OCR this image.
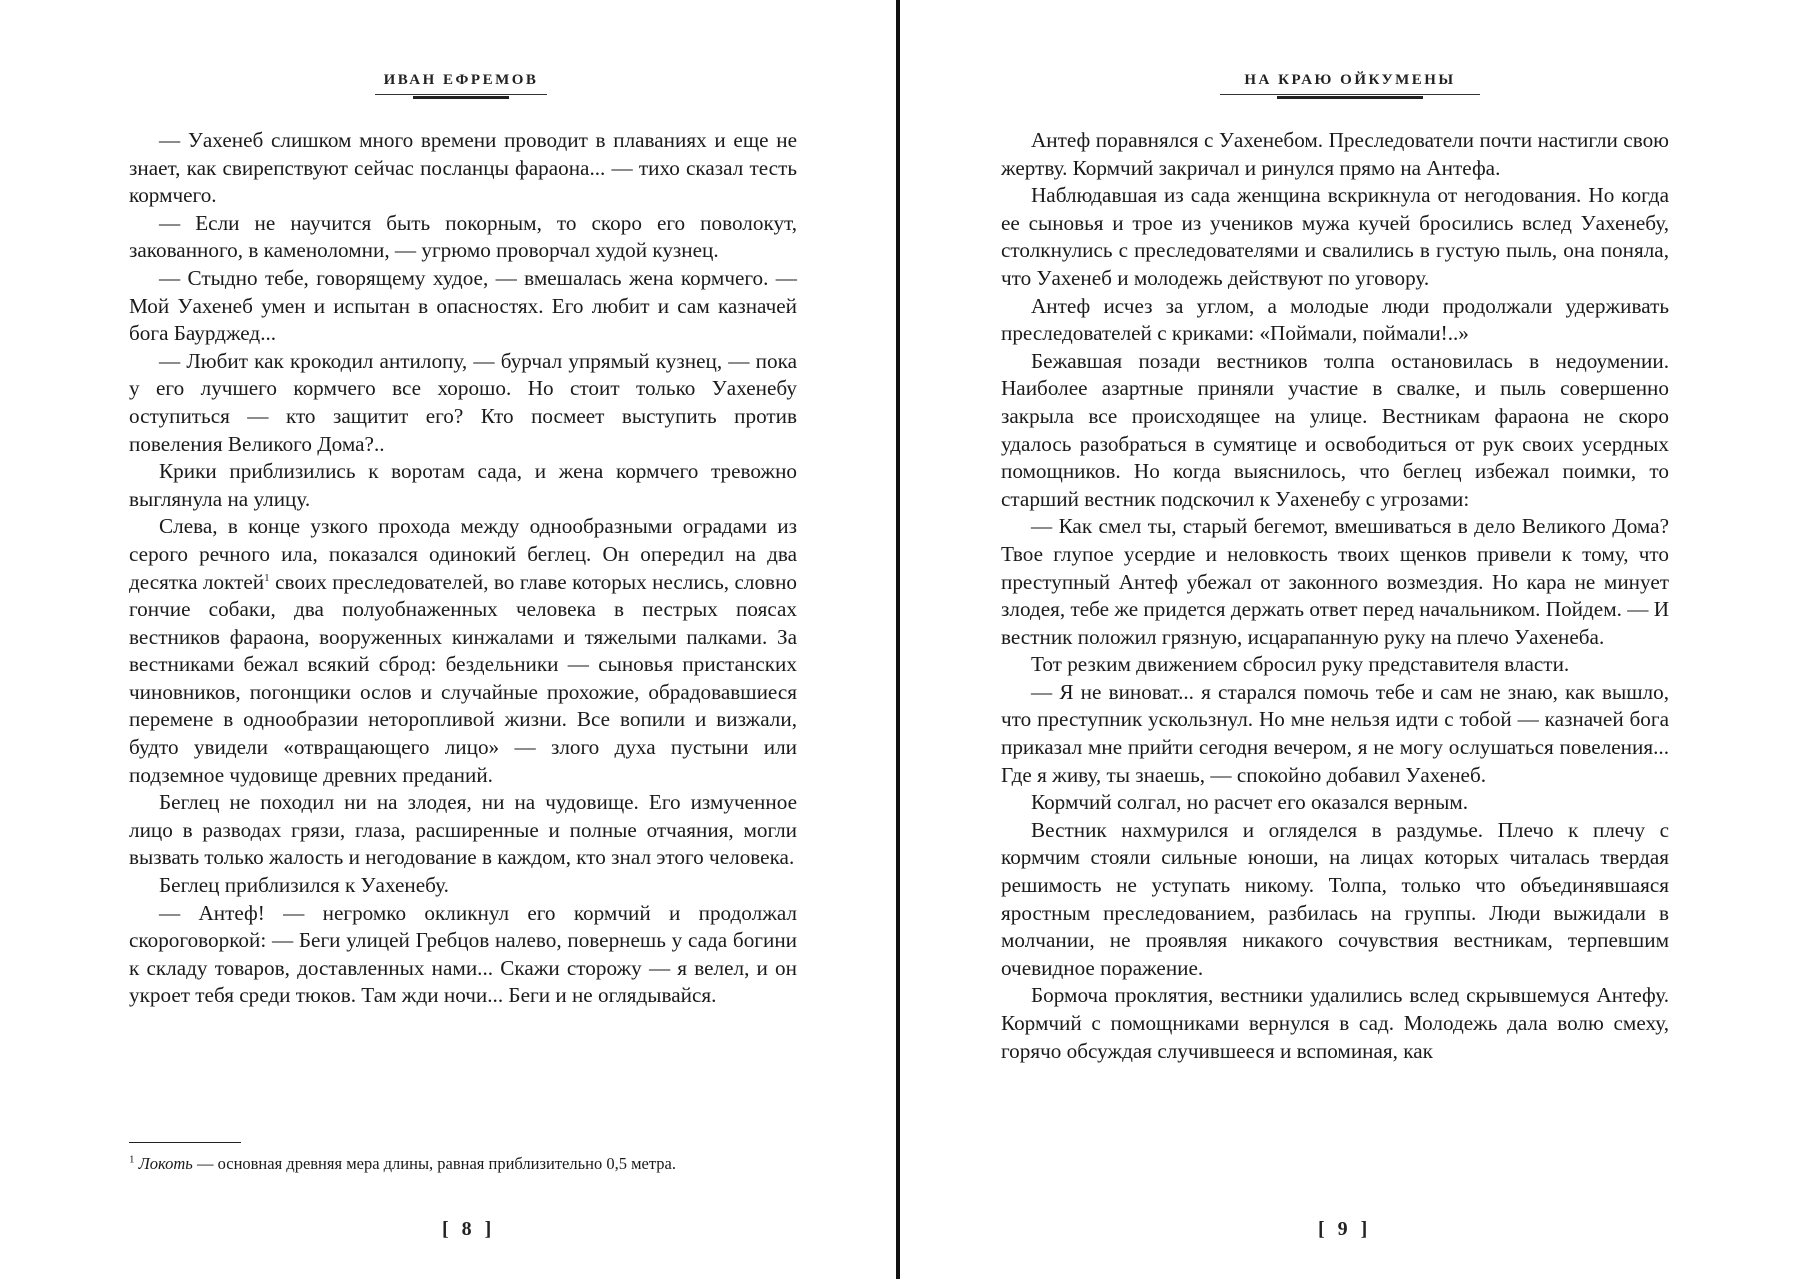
ИВАН ЕФРЕМОВ

— Уахенеб слишком много времени проводит в плаваниях и еще не знает, как свирепствуют сейчас посланцы фараона... — тихо сказал тесть кормчего.

— Если не научится быть покорным, то скоро его поволокут, закованного, в каменоломни, — угрюмо проворчал худой кузнец.

— Стыдно тебе, говорящему худое, — вмешалась жена кормчего. — Мой Уахенеб умен и испытан в опасностях. Его любит и сам казначей бога Баурджед...

— Любит как крокодил антилопу, — бурчал упрямый кузнец, — пока у его лучшего кормчего все хорошо. Но стоит только Уахенебу оступиться — кто защитит его? Кто посмеет выступить против повеления Великого Дома?..

Крики приблизились к воротам сада, и жена кормчего тревожно выглянула на улицу.

Слева, в конце узкого прохода между однообразными оградами из серого речного ила, показался одинокий беглец. Он опередил на два десятка локтей$^1$ своих преследователей, во главе которых неслись, словно гончие собаки, два полуобнаженных человека в пестрых поясах вестников фараона, вооруженных кинжалами и тяжелыми палками. За вестниками бежал всякий сброд: бездельники — сыновья пристанских чиновников, погонщики ослов и случайные прохожие, обрадовавшиеся перемене в однообразии неторопливой жизни. Все вопили и визжали, будто увидели «отвращающего лицо» — злого духа пустыни или подземное чудовище древних преданий.

Беглец не походил ни на злодея, ни на чудовище. Его измученное лицо в разводах грязи, глаза, расширенные и полные отчаяния, могли вызвать только жалость и негодование в каждом, кто знал этого человека.

Беглец приблизился к Уахенебу.

— Антеф! — негромко окликнул его кормчий и продолжал скороговоркой: — Беги улицей Гребцов налево, повернешь у сада богини к складу товаров, доставленных нами... Скажи сторожу — я велел, и он укроет тебя среди тюков. Там жди ночи... Беги и не оглядывайся.

$^1$ Локоть — основная древняя мера длины, равная приблизительно 0,5 метра.
[ 8 ]
НА КРАЮ ОЙКУМЕНЫ

Антеф поравнялся с Уахенебом. Преследователи почти настигли свою жертву. Кормчий закричал и ринулся прямо на Антефа.

Наблюдавшая из сада женщина вскрикнула от негодования. Но когда ее сыновья и трое из учеников мужа кучей бросились вслед Уахенебу, столкнулись с преследователями и свалились в густую пыль, она поняла, что Уахенеб и молодежь действуют по уговору.

Антеф исчез за углом, а молодые люди продолжали удерживать преследователей с криками: «Поймали, поймали!..»

Бежавшая позади вестников толпа остановилась в недоумении. Наиболее азартные приняли участие в свалке, и пыль совершенно закрыла все происходящее на улице. Вестникам фараона не скоро удалось разобраться в сумятице и освободиться от рук своих усердных помощников. Но когда выяснилось, что беглец избежал поимки, то старший вестник подскочил к Уахенебу с угрозами:

— Как смел ты, старый бегемот, вмешиваться в дело Великого Дома? Твое глупое усердие и неловкость твоих щенков привели к тому, что преступный Антеф убежал от законного возмездия. Но кара не минует злодея, тебе же придется держать ответ перед начальником. Пойдем. — И вестник положил грязную, исцарапанную руку на плечо Уахенеба.

Тот резким движением сбросил руку представителя власти.

— Я не виноват... я старался помочь тебе и сам не знаю, как вышло, что преступник ускользнул. Но мне нельзя идти с тобой — казначей бога приказал мне прийти сегодня вечером, я не могу ослушаться повеления... Где я живу, ты знаешь, — спокойно добавил Уахенеб.

Кормчий солгал, но расчет его оказался верным.

Вестник нахмурился и огляделся в раздумье. Плечо к плечу с кормчим стояли сильные юноши, на лицах которых читалась твердая решимость не уступать никому. Толпа, только что объединявшаяся яростным преследованием, разбилась на группы. Люди выжидали в молчании, не проявляя никакого сочувствия вестникам, терпевшим очевидное поражение.

Бормоча проклятия, вестники удалились вслед скрывшемуся Антефу. Кормчий с помощниками вернулся в сад. Молодежь дала волю смеху, горячо обсуждая случившееся и вспоминая, как

[ 9 ]
